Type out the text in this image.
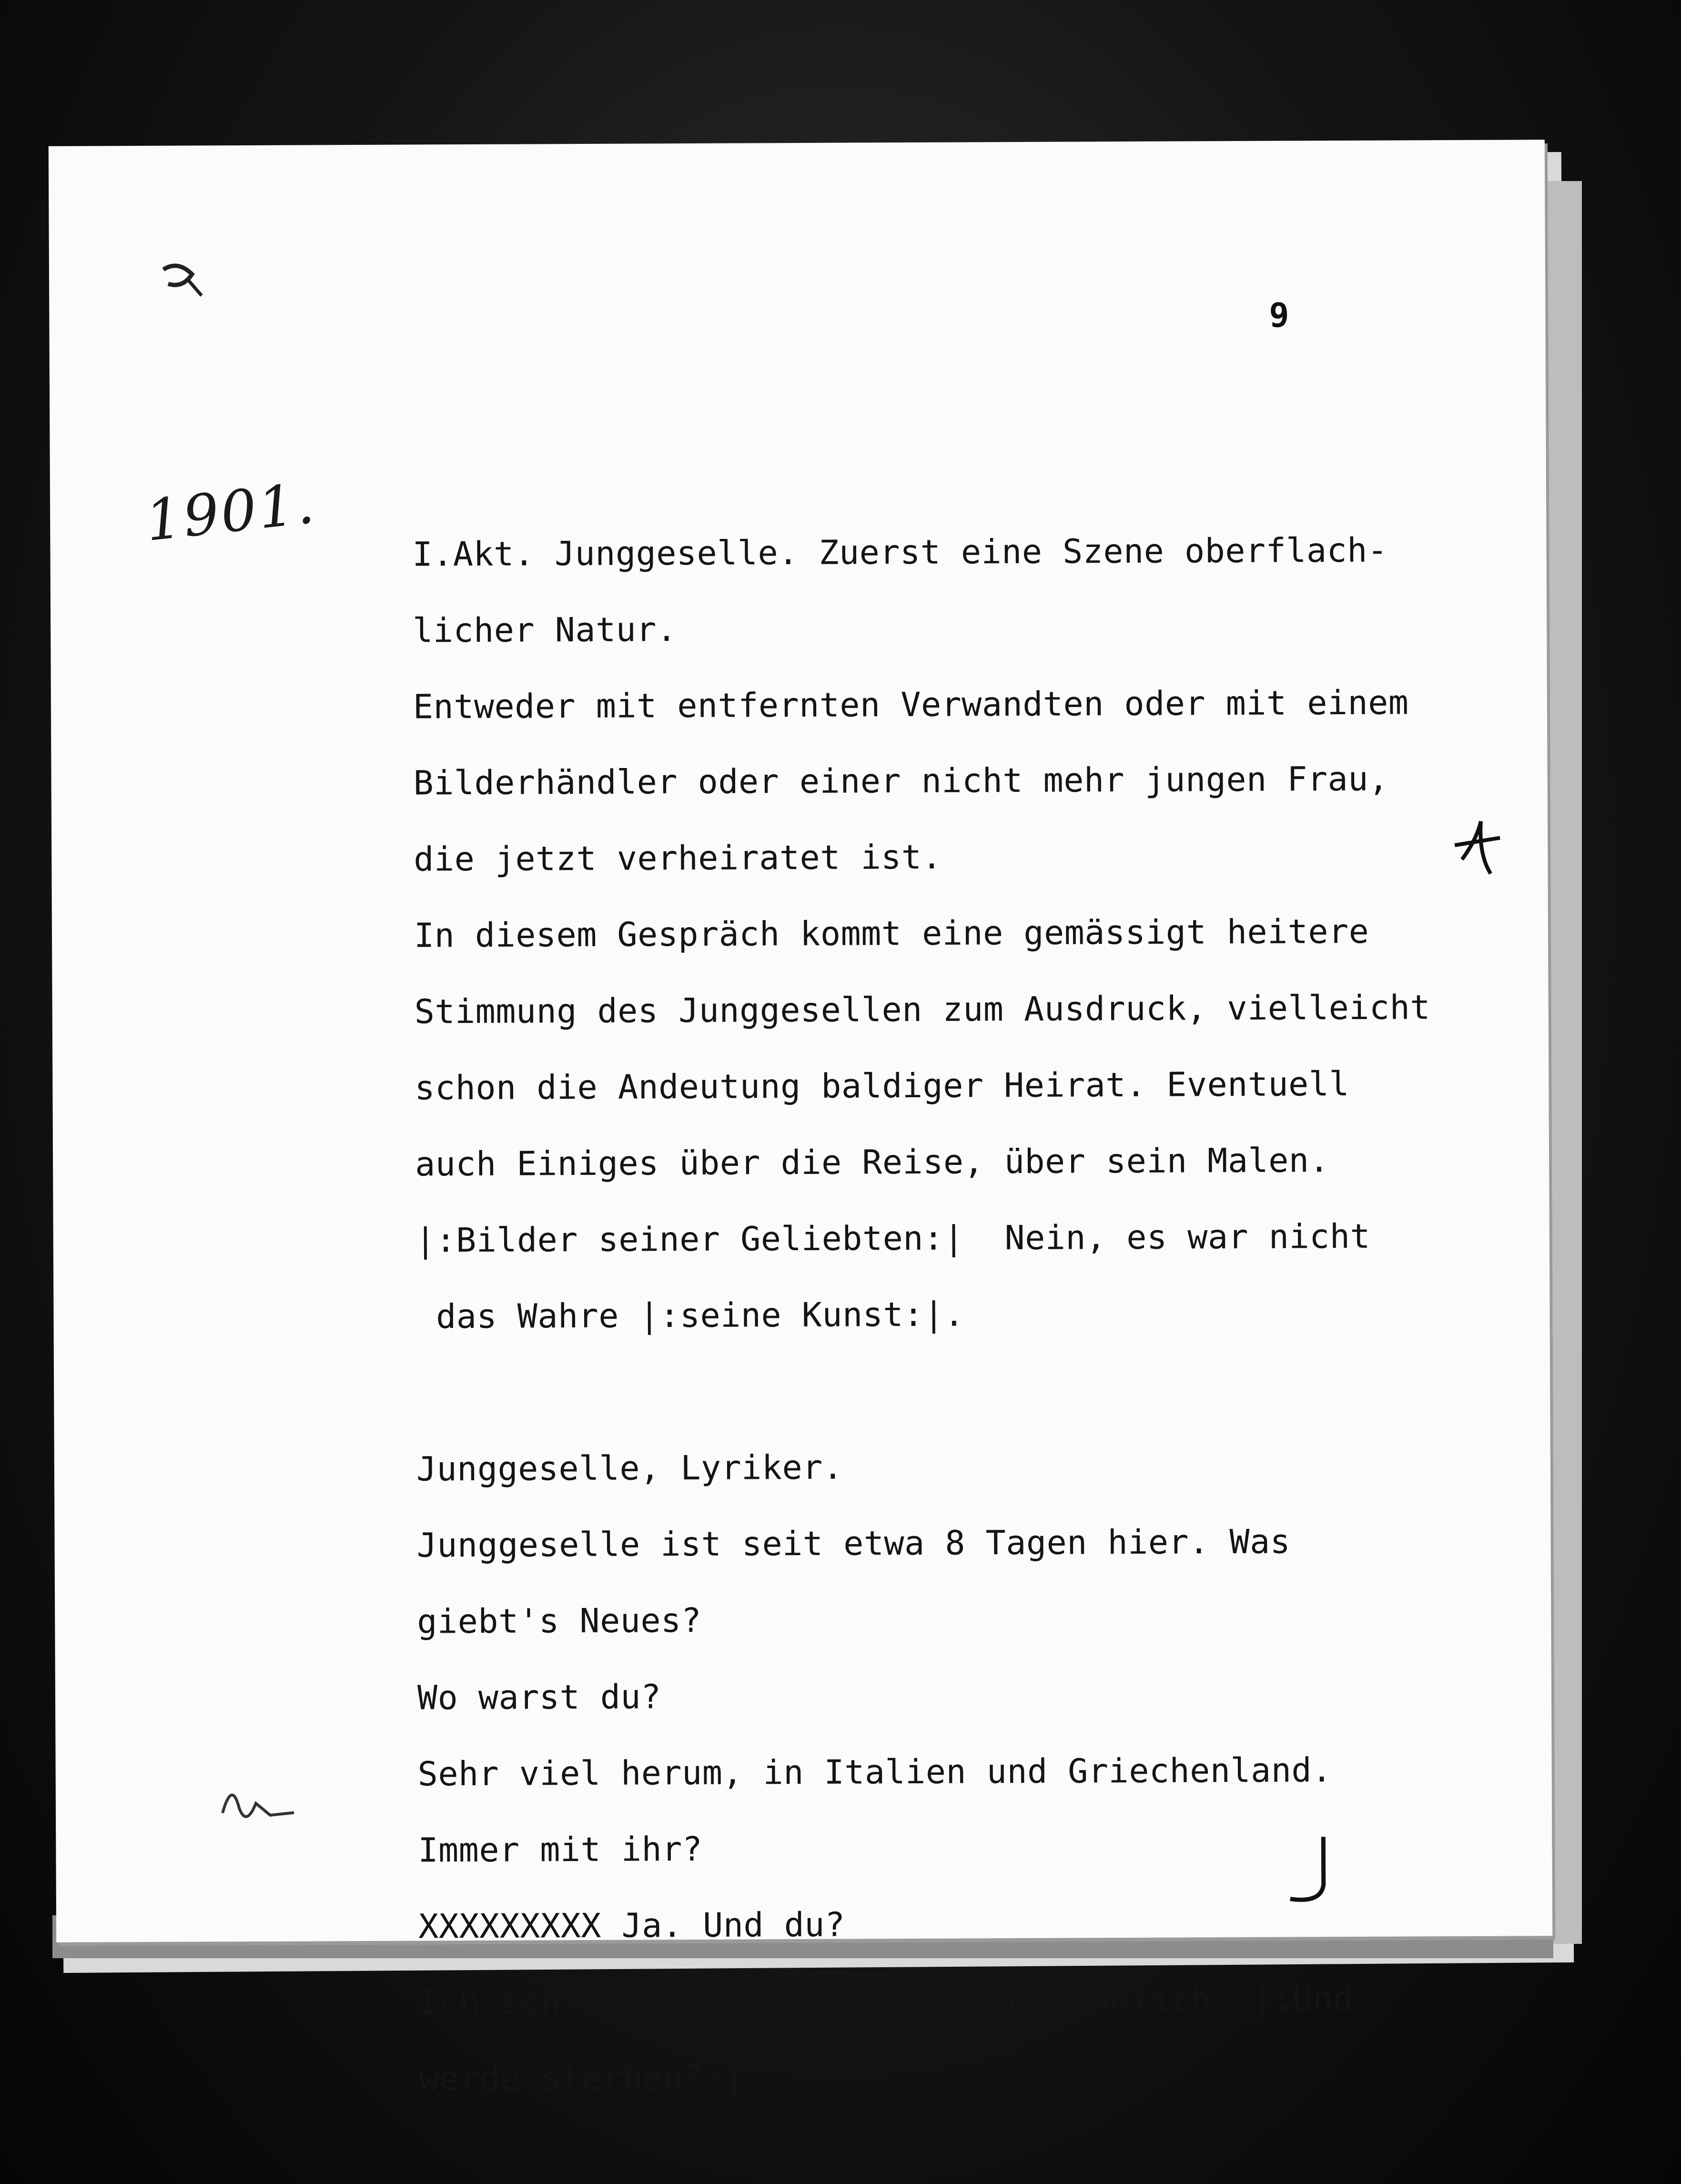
9

1901.	I.Akt. Junggeselle. Zuerst eine Szene oberflach-
licher Natur.
Entweder mit entfernten Verwandten oder mit einem
Bilderhändler oder einer nicht mehr jungen Frau,
die jetzt verheiratet ist.
In diesem Gespräch kommt eine gemässigt heitere
Stimmung des Junggesellen zum Ausdruck, vielleicht
schon die Andeutung baldiger Heirat. Eventuell
auch Einiges über die Reise, über sein Malen.
|:Bilder seiner Geliebten:|  Nein, es war nicht
das Wahre |:seine Kunst:|.
Junggeselle, Lyriker.
Junggeselle ist seit etwa 8 Tagen hier. Was
giebt's Neues?
Wo warst du?
Sehr viel herum, in Italien und Griechenland.
Immer mit ihr?
XXXXXXXXX Ja. Und du?
Ich schreibe - Gobelins, wie gewöhnlich. |:Und
werde sterben?:|
